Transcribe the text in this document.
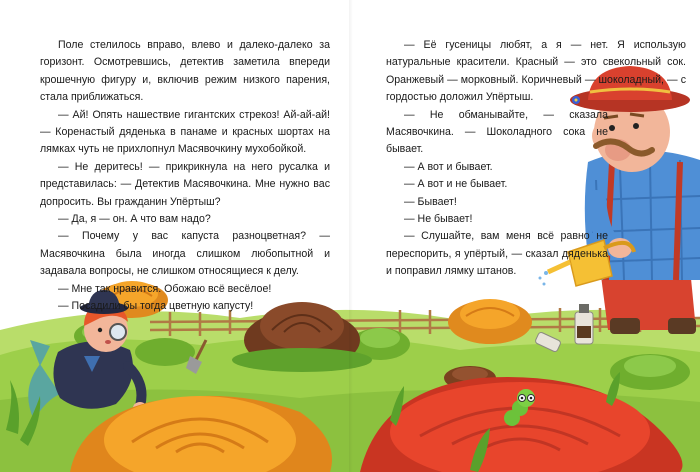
Поле стелилось вправо, влево и далеко-далеко за горизонт. Осмотревшись, детектив заметила впереди крошечную фигуру и, включив режим низкого парения, стала приближаться.

— Ай! Опять нашествие гигантских стрекоз! Ай-ай-ай! — Коренастый дяденька в панаме и красных шортах на лямках чуть не прихлопнул Масявочкину мухобойкой.

— Не деритесь! — прикрикнула на него русалка и представилась: — Детектив Масявочкина. Мне нужно вас допросить. Вы гражданин Упёртыш?

— Да, я — он. А что вам надо?

— Почему у вас капуста разноцветная? — Масявочкина была иногда слишком любопытной и задавала вопросы, не слишком относящиеся к делу.

— Мне так нравится. Обожаю всё весёлое!

— Посадили бы тогда цветную капусту!

— Её гусеницы любят, а я — нет. Я использую натуральные красители. Красный — это свекольный сок. Оранжевый — морковный. Коричневый — шоколадный, — с гордостью доложил Упёртыш.

— Не обманывайте, — сказала Масявочкина. — Шоколадного сока не бывает.

— А вот и бывает.

— А вот и не бывает.

— Бывает!

— Не бывает!

— Слушайте, вам меня всё равно не переспорить, я упёртый, — сказал дяденька и поправил лямку штанов.
